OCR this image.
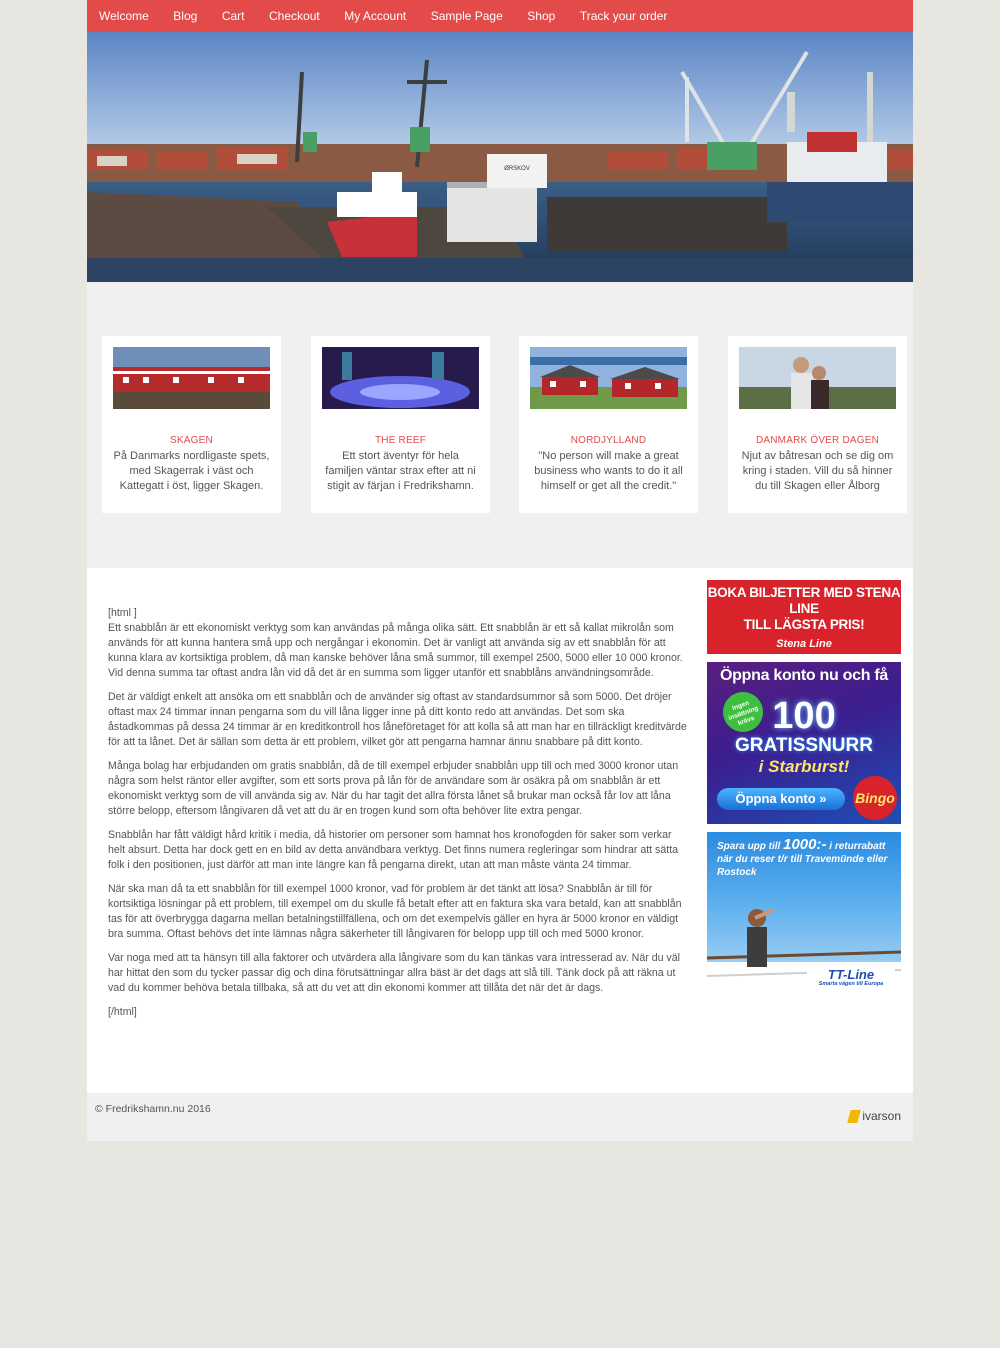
Welcome Blog Cart Checkout My Account Sample Page Shop Track your order
ØRSKOV
SKAGEN

På Danmarks nordligaste spets, med Skagerrak i väst och Kattegatt i öst, ligger Skagen.

THE REEF

Ett stort äventyr för hela familjen väntar strax efter att ni stigit av färjan i Fredrikshamn.

NORDJYLLAND

"No person will make a great business who wants to do it all himself or get all the credit."

DANMARK ÖVER DAGEN

Njut av båtresan och se dig om kring i staden. Vill du så hinner du till Skagen eller Ålborg

[html ]

Ett snabblån är ett ekonomiskt verktyg som kan användas på många olika sätt. Ett snabblån är ett så kallat mikrolån som används för att kunna hantera små upp och nergångar i ekonomin. Det är vanligt att använda sig av ett snabblån för att kunna klara av kortsiktiga problem, då man kanske behöver låna små summor, till exempel 2500, 5000 eller 10 000 kronor. Vid denna summa tar oftast andra lån vid då det är en summa som ligger utanför ett snabblåns användningsområde.

Det är väldigt enkelt att ansöka om ett snabblån och de använder sig oftast av standardsummor så som 5000. Det dröjer oftast max 24 timmar innan pengarna som du vill låna ligger inne på ditt konto redo att användas. Det som ska åstadkommas på dessa 24 timmar är en kreditkontroll hos låneföretaget för att kolla så att man har en tillräckligt kreditvärde för att ta lånet. Det är sällan som detta är ett problem, vilket gör att pengarna hamnar ännu snabbare på ditt konto.

Många bolag har erbjudanden om gratis snabblån, då de till exempel erbjuder snabblån upp till och med 3000 kronor utan några som helst räntor eller avgifter, som ett sorts prova på lån för de användare som är osäkra på om snabblån är ett ekonomiskt verktyg som de vill använda sig av. När du har tagit det allra första lånet så brukar man också får lov att låna större belopp, eftersom långivaren då vet att du är en trogen kund som ofta behöver lite extra pengar.

Snabblån har fått väldigt hård kritik i media, då historier om personer som hamnat hos kronofogden för saker som verkar helt absurt. Detta har dock gett en en bild av detta användbara verktyg. Det finns numera regleringar som hindrar att sätta folk i den positionen, just därför att man inte längre kan få pengarna direkt, utan att man måste vänta 24 timmar.

När ska man då ta ett snabblån för till exempel 1000 kronor, vad för problem är det tänkt att lösa? Snabblån är till för kortsiktiga lösningar på ett problem, till exempel om du skulle få betalt efter att en faktura ska vara betald, kan att snabblån tas för att överbrygga dagarna mellan betalningstillfällena, och om det exempelvis gäller en hyra är 5000 kronor en väldigt bra summa. Oftast behövs det inte lämnas några säkerheter till långivaren för belopp upp till och med 5000 kronor.

Var noga med att ta hänsyn till alla faktorer och utvärdera alla långivare som du kan tänkas vara intresserad av. När du väl har hittat den som du tycker passar dig och dina förutsättningar allra bäst är det dags att slå till. Tänk dock på att räkna ut vad du kommer behöva betala tillbaka, så att du vet att din ekonomi kommer att tillåta det när det är dags.

[/html]

BOKA BILJETTER MED STENA LINE
TILL LÄGSTA PRIS!
Stena Line
Öppna konto nu och få
Ingen insättning krävs 100
GRATISSNURR
i Starburst!
Öppna konto »	Bingo
Spara upp till 1000:- i returrabatt när du reser t/r till Travemünde eller Rostock
TT-Line
Smarta vägen till Europa
© Fredrikshamn.nu 2016	ivarson
